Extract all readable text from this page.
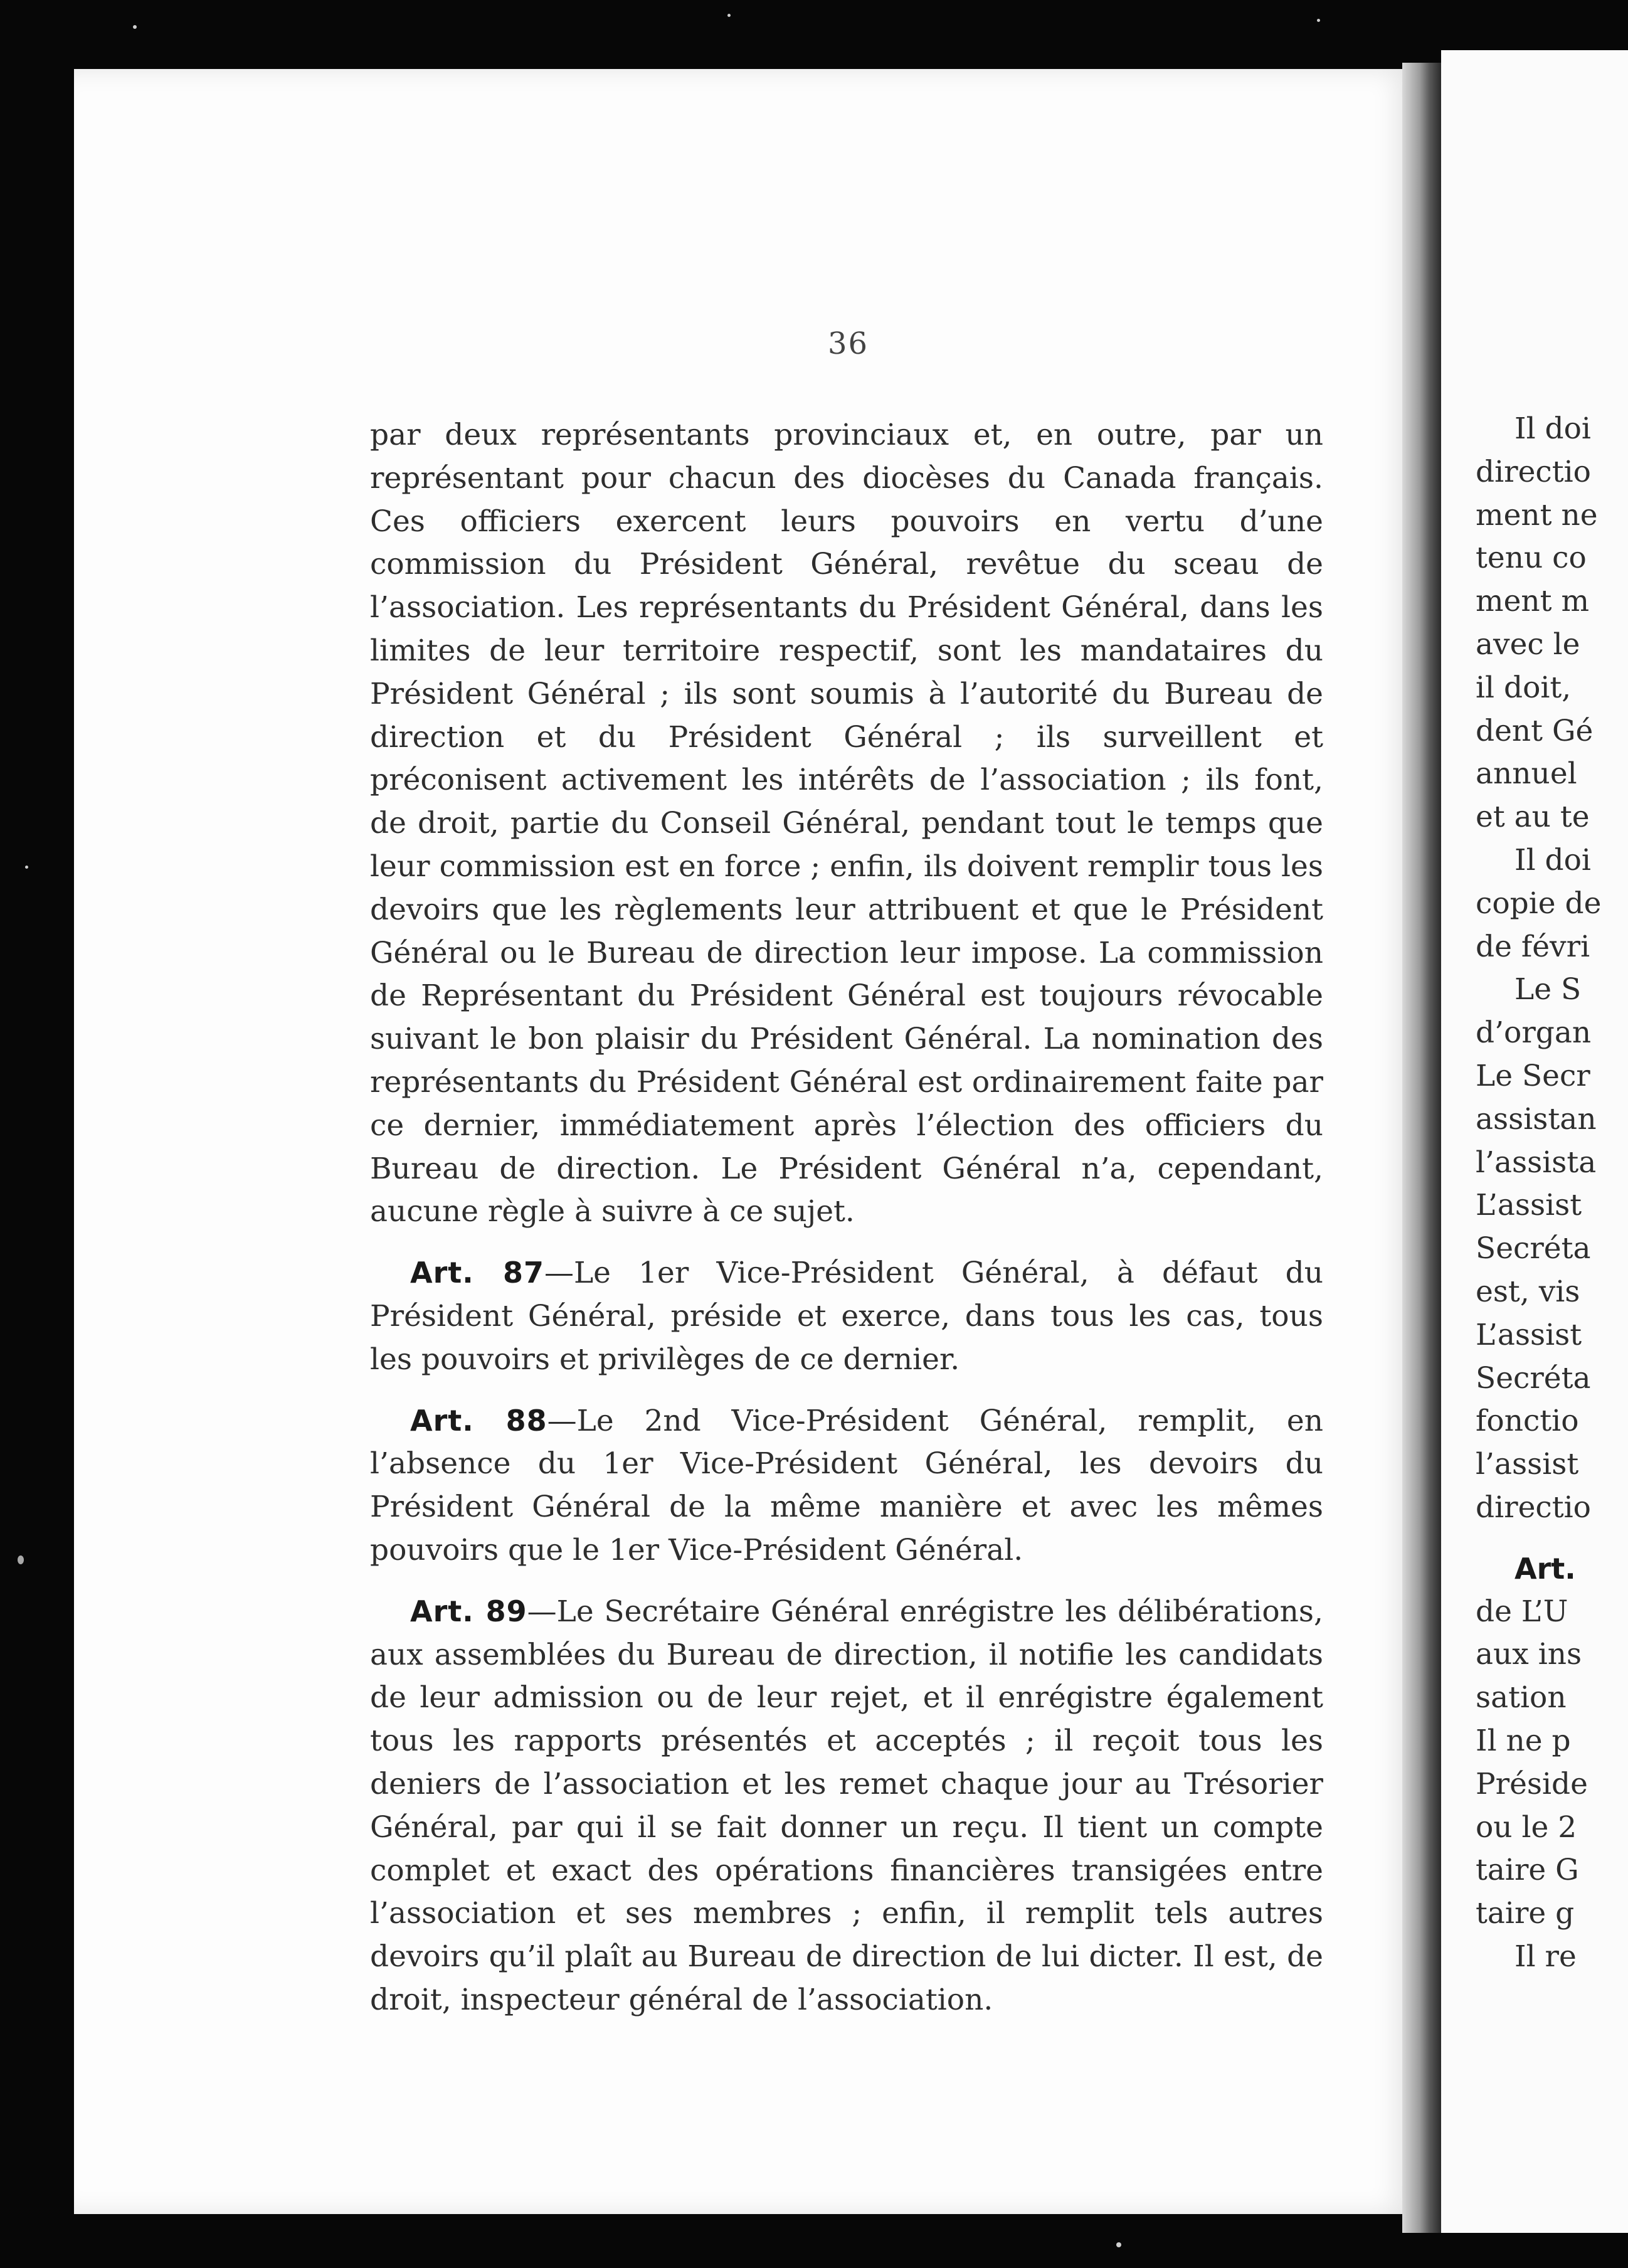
36

par deux représentants provinciaux et, en outre, par un représentant pour chacun des diocèses du Canada français. Ces officiers exercent leurs pouvoirs en vertu d’une commission du Président Général, revêtue du sceau de l’association. Les représentants du Président Général, dans les limites de leur territoire respectif, sont les mandataires du Président Général ; ils sont soumis à l’autorité du Bureau de direction et du Président Général ; ils surveillent et préconisent activement les intérêts de l’association ; ils font, de droit, partie du Conseil Général, pendant tout le temps que leur commission est en force ; enfin, ils doivent remplir tous les devoirs que les règlements leur attribuent et que le Président Général ou le Bureau de direction leur impose. La commission de Représentant du Président Général est toujours révocable suivant le bon plaisir du Président Général. La nomination des représentants du Président Général est ordinairement faite par ce dernier, immédiatement après l’élection des officiers du Bureau de direction. Le Président Général n’a, cependant, aucune règle à suivre à ce sujet.

Art. 87—Le 1er Vice-Président Général, à défaut du Président Général, préside et exerce, dans tous les cas, tous les pouvoirs et privilèges de ce dernier.

Art. 88—Le 2nd Vice-Président Général, remplit, en l’absence du 1er Vice-Président Général, les devoirs du Président Général de la même manière et avec les mêmes pouvoirs que le 1er Vice-Président Général.

Art. 89—Le Secrétaire Général enrégistre les délibérations, aux assemblées du Bureau de direction, il notifie les candidats de leur admission ou de leur rejet, et il enrégistre également tous les rapports présentés et acceptés ; il reçoit tous les deniers de l’association et les remet chaque jour au Trésorier Général, par qui il se fait donner un reçu. Il tient un compte complet et exact des opérations financières transigées entre l’association et ses membres ; enfin, il remplit tels autres devoirs qu’il plaît au Bureau de direction de lui dicter. Il est, de droit, inspecteur général de l’association.

Il doi
directio
ment ne
tenu co
ment m
avec le
il doit,
dent Gé
annuel
et au te
Il doi
copie de
de févri
Le S
d’organ
Le Secr
assistan
l’assista
L’assist
Secréta
est, vis
L’assist
Secréta
fonctio
l’assist
directio
Art.
de L’U
aux ins
sation
Il ne p
Préside
ou le 2
taire G
taire g
Il re
